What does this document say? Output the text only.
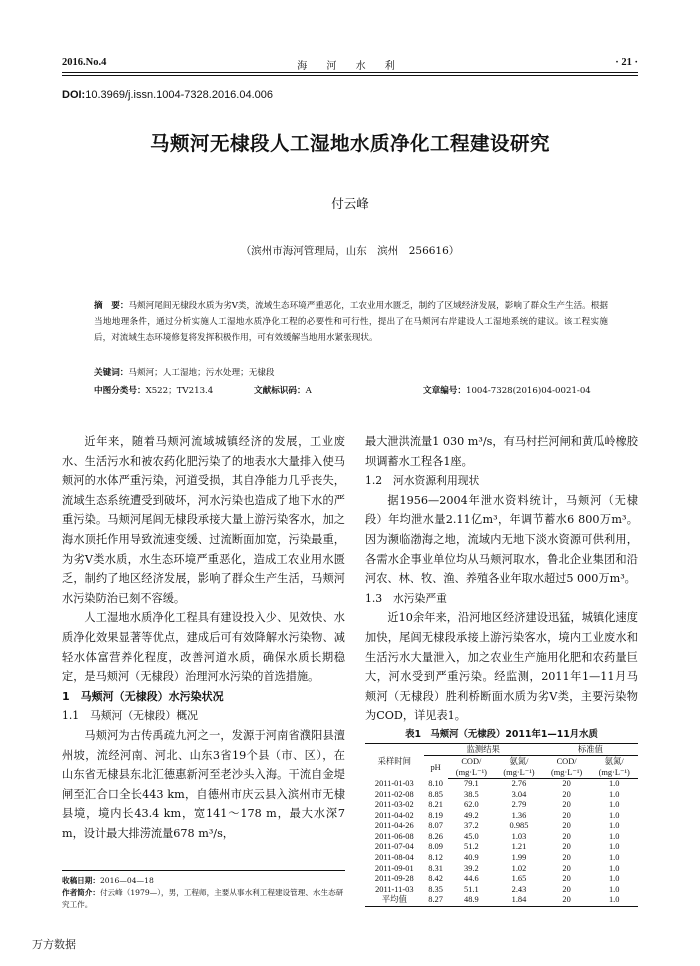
2016.No.4	海 河 水 利	· 21 ·
DOI:10.3969/j.issn.1004-7328.2016.04.006
马颊河无棣段人工湿地水质净化工程建设研究
付云峰
（滨州市海河管理局，山东　滨州　256616）
摘　要：马颊河尾闾无棣段水质为劣Ⅴ类，流域生态环境严重恶化，工农业用水匮乏，制约了区域经济发展，影响了群众生产生活。根据当地地理条件，通过分析实施人工湿地水质净化工程的必要性和可行性，提出了在马颊河右岸建设人工湿地系统的建议。该工程实施后，对流域生态环境修复将发挥积极作用，可有效缓解当地用水紧张现状。
关键词：马颊河；人工湿地；污水处理；无棣段
中图分类号：X522；TV213.4	文献标识码：A	文章编号：1004-7328(2016)04-0021-04

近年来，随着马颊河流域城镇经济的发展，工业废水、生活污水和被农药化肥污染了的地表水大量排入使马颊河的水体严重污染，河道受损，其自净能力几乎丧失，流域生态系统遭受到破坏，河水污染也造成了地下水的严重污染。马颊河尾闾无棣段承接大量上游污染客水，加之海水顶托作用导致流速变缓、过流断面加宽，污染最重，为劣Ⅴ类水质，水生态环境严重恶化，造成工农业用水匮乏，制约了地区经济发展，影响了群众生产生活，马颊河水污染防治已刻不容缓。

人工湿地水质净化工程具有建设投入少、见效快、水质净化效果显著等优点，建成后可有效降解水污染物、减轻水体富营养化程度，改善河道水质，确保水质长期稳定，是马颊河（无棣段）治理河水污染的首选措施。

1　马颊河（无棣段）水污染状况

1.1　马颊河（无棣段）概况

马颊河为古传禹疏九河之一，发源于河南省濮阳县澶州坡，流经河南、河北、山东3省19个县（市、区），在山东省无棣县东北汇德惠新河至老沙头入海。干流自金堤闸至汇合口全长443 km，自德州市庆云县入滨州市无棣县境，境内长43.4 km，宽141～178 m，最大水深7 m，设计最大排涝流量678 m³/s，

收稿日期：2016—04—18
作者简介：付云峰（1979—），男，工程师，主要从事水利工程建设管理、水生态研究工作。

最大泄洪流量1 030 m³/s，有马村拦河闸和黄瓜岭橡胶坝调蓄水工程各1座。

1.2　河水资源利用现状

据1956—2004年泄水资料统计，马颊河（无棣段）年均泄水量2.11亿m³，年调节蓄水6 800万m³。因为濒临渤海之地，流域内无地下淡水资源可供利用，各需水企事业单位均从马颊河取水，鲁北企业集团和沿河农、林、牧、渔、养殖各业年取水超过5 000万m³。

1.3　水污染严重

近10余年来，沿河地区经济建设迅猛，城镇化速度加快，尾闾无棣段承接上游污染客水，境内工业废水和生活污水大量泄入，加之农业生产施用化肥和农药量巨大，河水受到严重污染。经监测，2011年1—11月马颊河（无棣段）胜利桥断面水质为劣Ⅴ类，主要污染物为COD，详见表1。

表1　马颊河（无棣段）2011年1—11月水质
采样时间	监测结果			标准值	
	pH	COD/	氨氮/	COD/	氨氮/
		(mg·L⁻¹)	(mg·L⁻¹)	(mg·L⁻¹)	(mg·L⁻¹)
2011-01-03	8.10	79.1	2.76	20	1.0
2011-02-08	8.85	38.5	3.04	20	1.0
2011-03-02	8.21	62.0	2.79	20	1.0
2011-04-02	8.19	49.2	1.36	20	1.0
2011-04-26	8.07	37.2	0.985	20	1.0
2011-06-08	8.26	45.0	1.03	20	1.0
2011-07-04	8.09	51.2	1.21	20	1.0
2011-08-04	8.12	40.9	1.99	20	1.0
2011-09-01	8.31	39.2	1.02	20	1.0
2011-09-28	8.42	44.6	1.65	20	1.0
2011-11-03	8.35	51.1	2.43	20	1.0
平均值	8.27	48.9	1.84	20	1.0
万方数据
